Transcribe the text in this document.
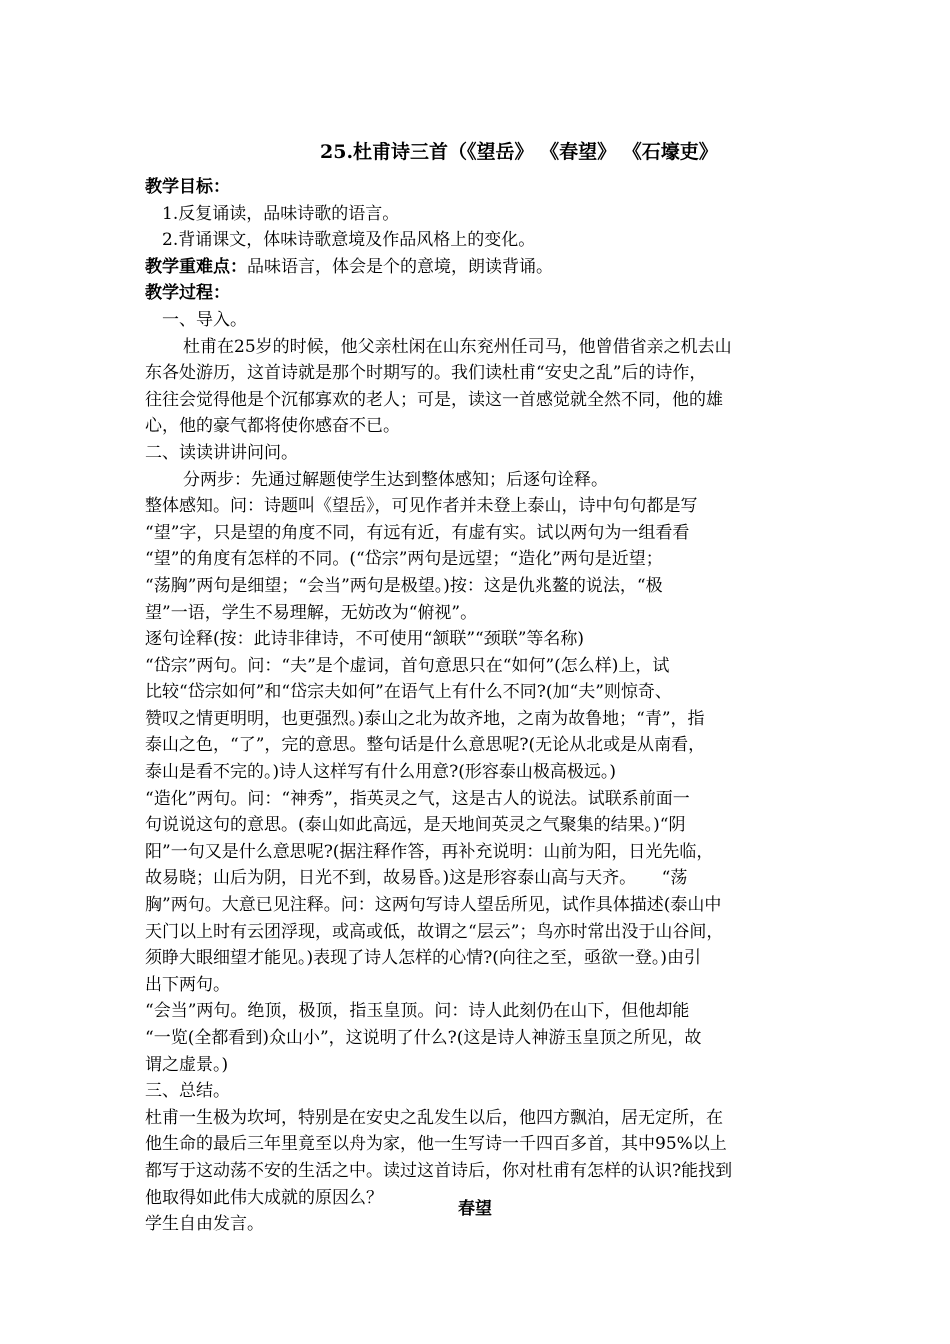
25.杜甫诗三首（《望岳》 《春望》 《石壕吏》
教学目标：
1.反复诵读，品味诗歌的语言。
2.背诵课文，体味诗歌意境及作品风格上的变化。
教学重难点：品味语言，体会是个的意境，朗读背诵。
教学过程：
一、导入。
杜甫在25岁的时候，他父亲杜闲在山东兖州任司马，他曾借省亲之机去山
东各处游历，这首诗就是那个时期写的。我们读杜甫“安史之乱”后的诗作，
往往会觉得他是个沉郁寡欢的老人；可是，读这一首感觉就全然不同，他的雄
心，他的豪气都将使你感奋不已。
二、读读讲讲问问。
分两步：先通过解题使学生达到整体感知；后逐句诠释。
整体感知。问：诗题叫《望岳》，可见作者并未登上泰山，诗中句句都是写
“望”字，只是望的角度不同，有远有近，有虚有实。试以两句为一组看看
“望”的角度有怎样的不同。(“岱宗”两句是远望；“造化”两句是近望；
“荡胸”两句是细望；“会当”两句是极望。)按：这是仇兆鳌的说法，“极
望”一语，学生不易理解，无妨改为“俯视”。
逐句诠释(按：此诗非律诗，不可使用“颔联”“颈联”等名称)
“岱宗”两句。问：“夫”是个虚词，首句意思只在“如何”(怎么样)上，试
比较“岱宗如何”和“岱宗夫如何”在语气上有什么不同?(加“夫”则惊奇、
赞叹之情更明明，也更强烈。)泰山之北为故齐地，之南为故鲁地；“青”，指
泰山之色，“了”，完的意思。整句话是什么意思呢?(无论从北或是从南看，
泰山是看不完的。)诗人这样写有什么用意?(形容泰山极高极远。)
“造化”两句。问：“神秀”，指英灵之气，这是古人的说法。试联系前面一
句说说这句的意思。(泰山如此高远，是天地间英灵之气聚集的结果。)“阴
阳”一句又是什么意思呢?(据注释作答，再补充说明：山前为阳，日光先临，
故易晓；山后为阴，日光不到，故易昏。)这是形容泰山高与天齐。　　“荡
胸”两句。大意已见注释。问：这两句写诗人望岳所见，试作具体描述(泰山中
天门以上时有云团浮现，或高或低，故谓之“层云”；鸟亦时常出没于山谷间，
须睁大眼细望才能见。)表现了诗人怎样的心情?(向往之至，亟欲一登。)由引
出下两句。
“会当”两句。绝顶，极顶，指玉皇顶。问：诗人此刻仍在山下，但他却能
“一览(全都看到)众山小”，这说明了什么?(这是诗人神游玉皇顶之所见，故
谓之虚景。)
三、总结。
杜甫一生极为坎坷，特别是在安史之乱发生以后，他四方飘泊，居无定所，在
他生命的最后三年里竟至以舟为家，他一生写诗一千四百多首，其中95%以上
都写于这动荡不安的生活之中。读过这首诗后，你对杜甫有怎样的认识?能找到
他取得如此伟大成就的原因么？
学生自由发言。
春望
